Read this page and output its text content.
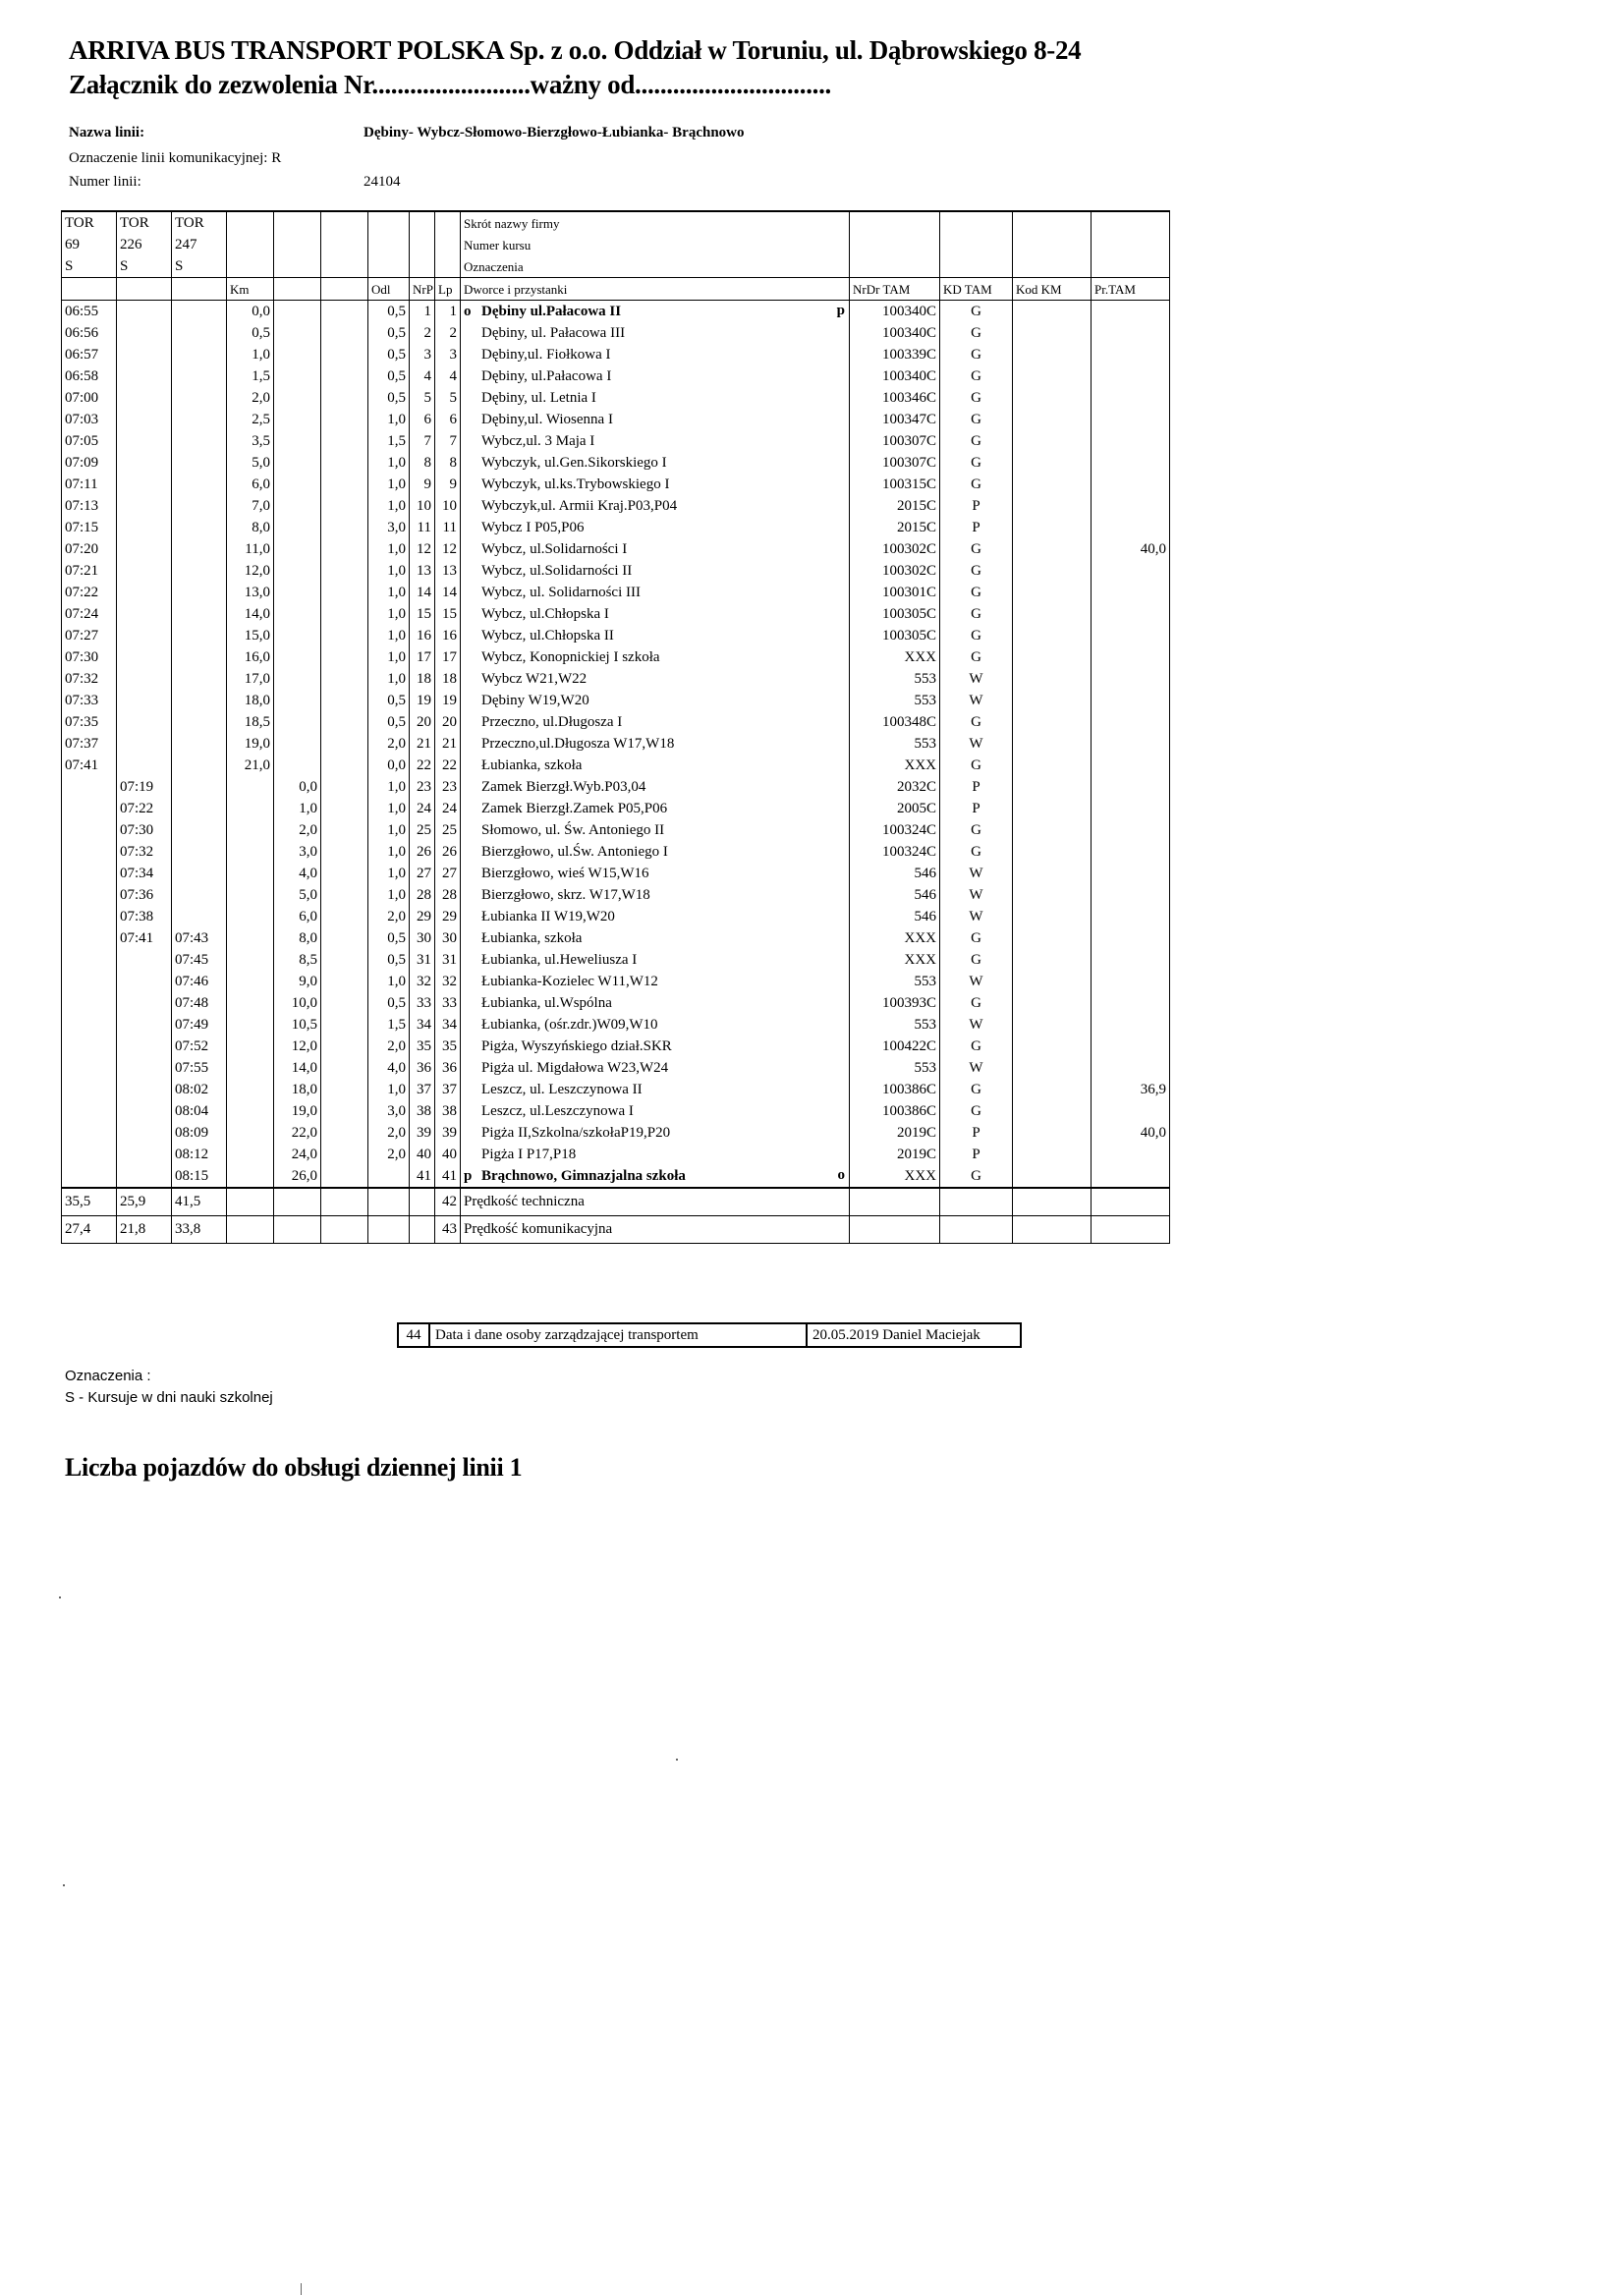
ARRIVA BUS TRANSPORT POLSKA Sp. z o.o. Oddział w Toruniu, ul. Dąbrowskiego 8-24
Załącznik do zezwolenia Nr.........................ważny od...............................
Nazwa linii:	Dębiny- Wybcz-Słomowo-Bierzgłowo-Łubianka- Brąchnowo
Oznaczenie linii komunikacyjnej: R
Numer linii:	24104
TOR	TOR	TOR							Skrót nazwy firmy				
69	226	247							Numer kursu				
S	S	S							Oznaczenia				
			Km			Odl	NrP	Lp	Dworce i przystanki	NrDr TAM	KD TAM	Kod KM	Pr.TAM
06:55			0,0			0,5	1	1	o Dębiny ul.Pałacowa II p	100340C	G		
06:56			0,5			0,5	2	2	Dębiny, ul. Pałacowa III	100340C	G		
06:57			1,0			0,5	3	3	Dębiny,ul. Fiołkowa I	100339C	G		
06:58			1,5			0,5	4	4	Dębiny, ul.Pałacowa I	100340C	G		
07:00			2,0			0,5	5	5	Dębiny, ul. Letnia I	100346C	G		
07:03			2,5			1,0	6	6	Dębiny,ul. Wiosenna I	100347C	G		
07:05			3,5			1,5	7	7	Wybcz,ul. 3 Maja I	100307C	G		
07:09			5,0			1,0	8	8	Wybczyk, ul.Gen.Sikorskiego I	100307C	G		
07:11			6,0			1,0	9	9	Wybczyk, ul.ks.Trybowskiego I	100315C	G		
07:13			7,0			1,0	10	10	Wybczyk,ul. Armii Kraj.P03,P04	2015C	P		
07:15			8,0			3,0	11	11	Wybcz I P05,P06	2015C	P		
07:20			11,0			1,0	12	12	Wybcz, ul.Solidarności I	100302C	G		40,0
07:21			12,0			1,0	13	13	Wybcz, ul.Solidarności II	100302C	G		
07:22			13,0			1,0	14	14	Wybcz, ul. Solidarności III	100301C	G		
07:24			14,0			1,0	15	15	Wybcz, ul.Chłopska I	100305C	G		
07:27			15,0			1,0	16	16	Wybcz, ul.Chłopska II	100305C	G		
07:30			16,0			1,0	17	17	Wybcz, Konopnickiej I szkoła	XXX	G		
07:32			17,0			1,0	18	18	Wybcz W21,W22	553	W		
07:33			18,0			0,5	19	19	Dębiny W19,W20	553	W		
07:35			18,5			0,5	20	20	Przeczno, ul.Długosza I	100348C	G		
07:37			19,0			2,0	21	21	Przeczno,ul.Długosza W17,W18	553	W		
07:41			21,0			0,0	22	22	Łubianka, szkoła	XXX	G		
	07:19			0,0		1,0	23	23	Zamek Bierzgł.Wyb.P03,04	2032C	P		
	07:22			1,0		1,0	24	24	Zamek Bierzgł.Zamek P05,P06	2005C	P		
	07:30			2,0		1,0	25	25	Słomowo, ul. Św. Antoniego II	100324C	G		
	07:32			3,0		1,0	26	26	Bierzgłowo, ul.Św. Antoniego I	100324C	G		
	07:34			4,0		1,0	27	27	Bierzgłowo, wieś W15,W16	546	W		
	07:36			5,0		1,0	28	28	Bierzgłowo, skrz. W17,W18	546	W		
	07:38			6,0		2,0	29	29	Łubianka II W19,W20	546	W		
	07:41	07:43		8,0		0,5	30	30	Łubianka, szkoła	XXX	G		
		07:45		8,5		0,5	31	31	Łubianka, ul.Heweliusza I	XXX	G		
		07:46		9,0		1,0	32	32	Łubianka-Kozielec W11,W12	553	W		
		07:48		10,0		0,5	33	33	Łubianka, ul.Wspólna	100393C	G		
		07:49		10,5		1,5	34	34	Łubianka, (ośr.zdr.)W09,W10	553	W		
		07:52		12,0		2,0	35	35	Pigża, Wyszyńskiego dział.SKR	100422C	G		
		07:55		14,0		4,0	36	36	Pigża ul. Migdałowa W23,W24	553	W		
		08:02		18,0		1,0	37	37	Leszcz, ul. Leszczynowa II	100386C	G		36,9
		08:04		19,0		3,0	38	38	Leszcz, ul.Leszczynowa I	100386C	G		
		08:09		22,0		2,0	39	39	Pigża II,Szkolna/szkołaP19,P20	2019C	P		40,0
		08:12		24,0		2,0	40	40	Pigża I P17,P18	2019C	P		
		08:15		26,0			41	41	p Brąchnowo, Gimnazjalna szkoła o	XXX	G		
35,5	25,9	41,5						42	Prędkość techniczna				

27,4	21,8	33,8						43	Prędkość komunikacyjna				
44	Data i dane osoby zarządzającej transportem	20.05.2019 Daniel Maciejak
Oznaczenia :
S - Kursuje w dni nauki szkolnej
Liczba pojazdów do obsługi dziennej linii 1
